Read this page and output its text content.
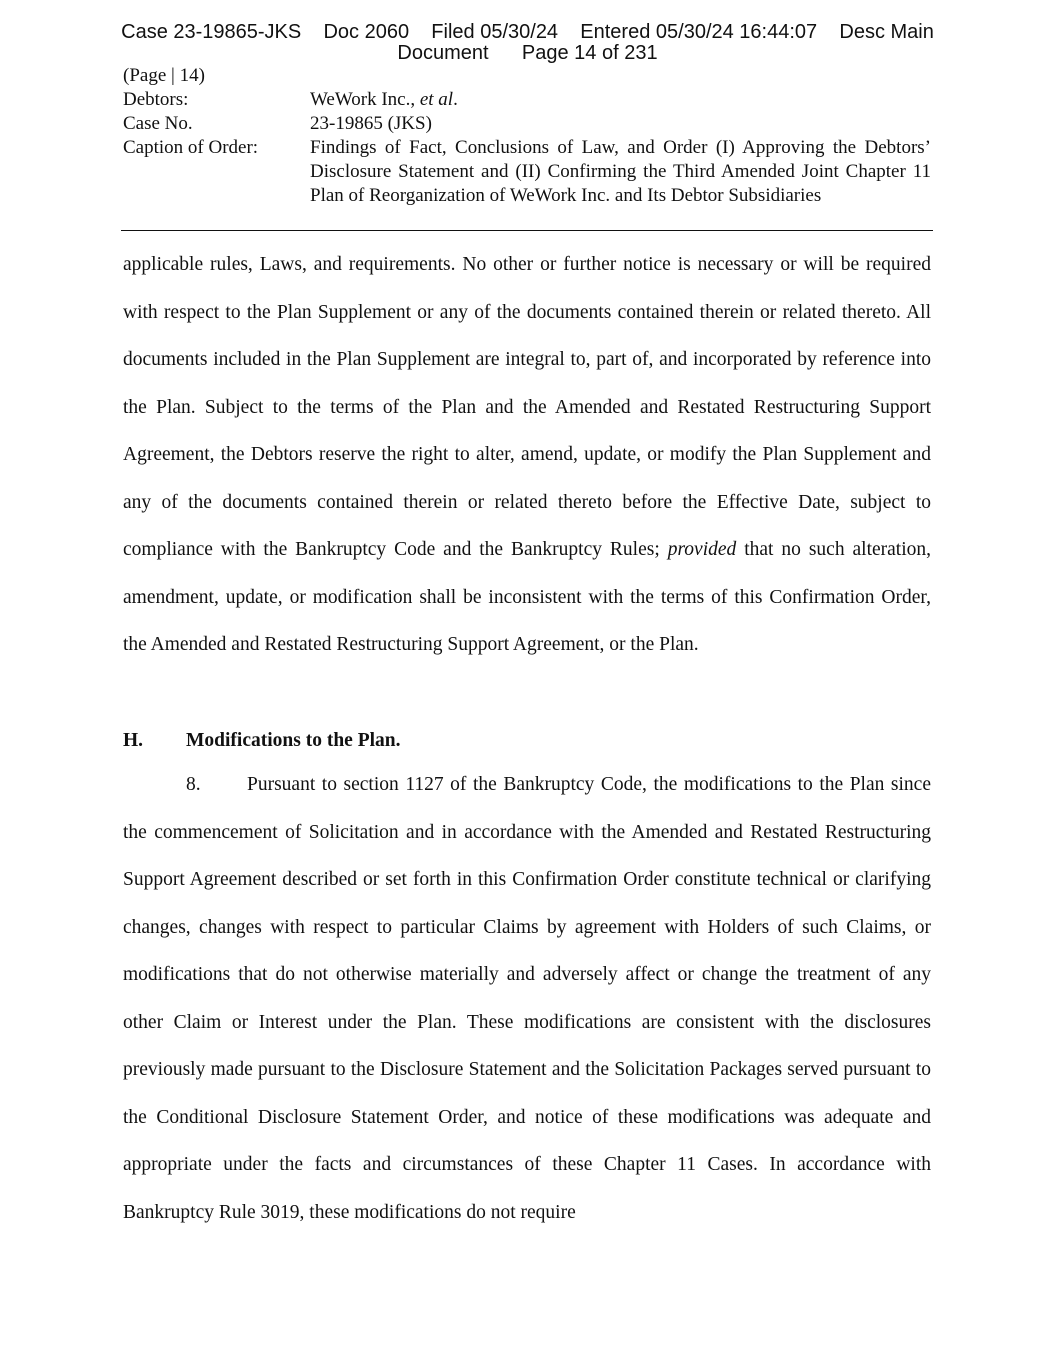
Case 23-19865-JKS    Doc 2060    Filed 05/30/24    Entered 05/30/24 16:44:07    Desc Main
Document      Page 14 of 231
(Page | 14)
Debtors:	WeWork Inc., et al.
Case No.	23-19865 (JKS)
Caption of Order:	Findings of Fact, Conclusions of Law, and Order (I) Approving the Debtors’ Disclosure Statement and (II) Confirming the Third Amended Joint Chapter 11 Plan of Reorganization of WeWork Inc. and Its Debtor Subsidiaries

applicable rules, Laws, and requirements. No other or further notice is necessary or will be required with respect to the Plan Supplement or any of the documents contained therein or related thereto. All documents included in the Plan Supplement are integral to, part of, and incorporated by reference into the Plan. Subject to the terms of the Plan and the Amended and Restated Restructuring Support Agreement, the Debtors reserve the right to alter, amend, update, or modify the Plan Supplement and any of the documents contained therein or related thereto before the Effective Date, subject to compliance with the Bankruptcy Code and the Bankruptcy Rules; provided that no such alteration, amendment, update, or modification shall be inconsistent with the terms of this Confirmation Order, the Amended and Restated Restructuring Support Agreement, or the Plan.

H.	Modifications to the Plan.

8. Pursuant to section 1127 of the Bankruptcy Code, the modifications to the Plan since the commencement of Solicitation and in accordance with the Amended and Restated Restructuring Support Agreement described or set forth in this Confirmation Order constitute technical or clarifying changes, changes with respect to particular Claims by agreement with Holders of such Claims, or modifications that do not otherwise materially and adversely affect or change the treatment of any other Claim or Interest under the Plan. These modifications are consistent with the disclosures previously made pursuant to the Disclosure Statement and the Solicitation Packages served pursuant to the Conditional Disclosure Statement Order, and notice of these modifications was adequate and appropriate under the facts and circumstances of these Chapter 11 Cases. In accordance with Bankruptcy Rule 3019, these modifications do not require
